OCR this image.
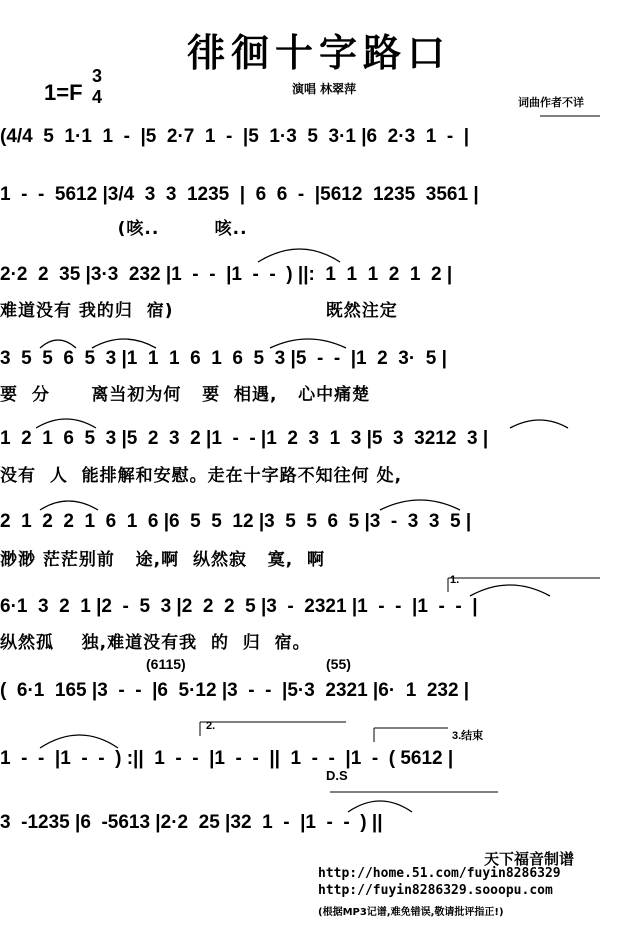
徘徊十字路口
1=F
3
4	演唱 林翠萍
词曲作者不详
(4/4  5  1·1  1  -  |5  2·7  1  -  |5  1·3  5  3·1 |6  2·3  1  -  |
1  -  -  5612 |3/4  3  3  1235  |  6  6  -  |5612  1235  3561 |
(咳..        咳..
2·2  2  35 |3·3  232 |1  -  -  |1  -  -  ) ||:  1  1  1  2  1  2 |
难道没有 我的归  宿)                      既然注定
3  5  5  6  5  3 |1  1  1  6  1  6  5  3 |5  -  -  |1  2  3·  5 |
要  分      离当初为何   要  相遇,   心中痛楚
1  2  1  6  5  3 |5  2  3  2 |1  -  - |1  2  3  1  3 |5  3  3212  3 |
没有  人  能排解和安慰。走在十字路不知往何 处,
2  1  2  2  1  6  1  6 |6  5  5  12 |3  5  5  6  5 |3  -  3  3  5 |
渺渺 茫茫别前   途,啊  纵然寂   寞,  啊
6·1  3  2  1 |2  -  5  3 |2  2  2  5 |3  -  2321 |1  -  -  |1  -  -  |
纵然孤    独,难道没有我  的  归  宿。
(6115)	(55)
(  6·1  165 |3  -  -  |6  5·12 |3  -  -  |5·3  2321 |6·  1  232 |
2.
3.结束
1.
1  -  -  |1  -  -  ) :||  1  -  -  |1  -  -  ||  1  -  -  |1  -  ( 5612 |
D.S
3  -1235 |6  -5613 |2·2  25 |32  1  -  |1  -  -  ) ||
天下福音制谱
http://home.51.com/fuyin8286329
http://fuyin8286329.sooopu.com
(根据MP3记谱,难免错误,敬请批评指正!)
